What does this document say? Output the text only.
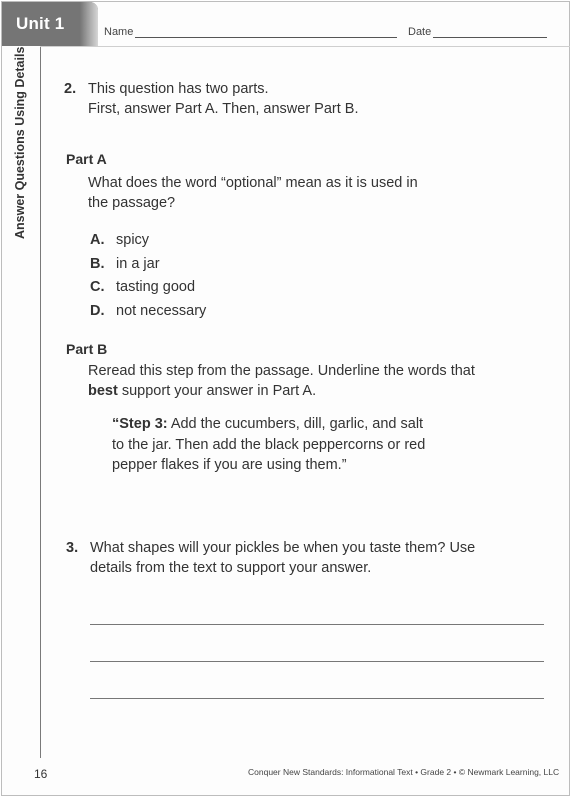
Unit 1
Answer Questions Using Details
Name	Date
2. This question has two parts.
First, answer Part A. Then, answer Part B.
Part A
What does the word “optional” mean as it is used in
the passage?
A. spicy
B. in a jar
C. tasting good
D. not necessary
Part B
Reread this step from the passage. Underline the words that
best support your answer in Part A.
“Step 3: Add the cucumbers, dill, garlic, and salt
to the jar. Then add the black peppercorns or red
pepper flakes if you are using them.”
3. What shapes will your pickles be when you taste them? Use
details from the text to support your answer.
16	Conquer New Standards: Informational Text • Grade 2 • © Newmark Learning, LLC
